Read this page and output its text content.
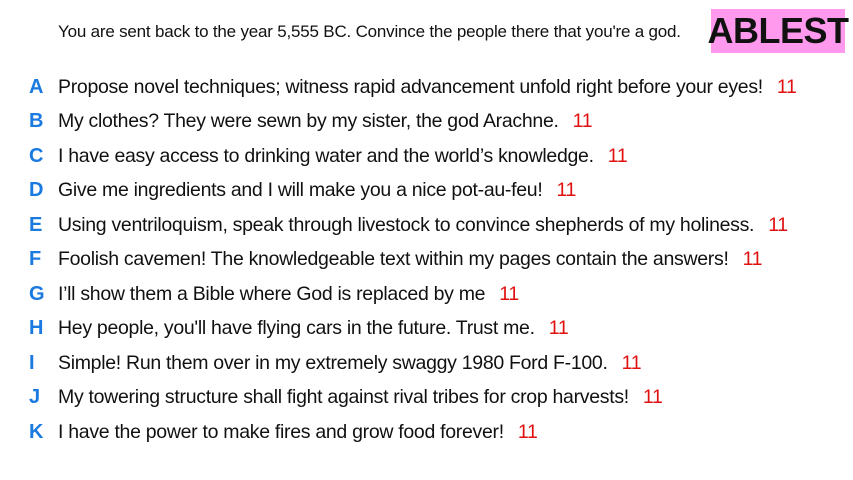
You are sent back to the year 5,555 BC. Convince the people there that you're a god. ABLEST
A Propose novel techniques; witness rapid advancement unfold right before your eyes! 11
B My clothes? They were sewn by my sister, the god Arachne. 11
C I have easy access to drinking water and the world’s knowledge. 11
D Give me ingredients and I will make you a nice pot-au-feu! 11
E Using ventriloquism, speak through livestock to convince shepherds of my holiness. 11
F Foolish cavemen! The knowledgeable text within my pages contain the answers! 11
G I’ll show them a Bible where God is replaced by me 11
H Hey people, you'll have flying cars in the future. Trust me. 11
I	Simple! Run them over in my extremely swaggy 1980 Ford F-100. 11
J My towering structure shall fight against rival tribes for crop harvests! 11
K I have the power to make fires and grow food forever! 11
